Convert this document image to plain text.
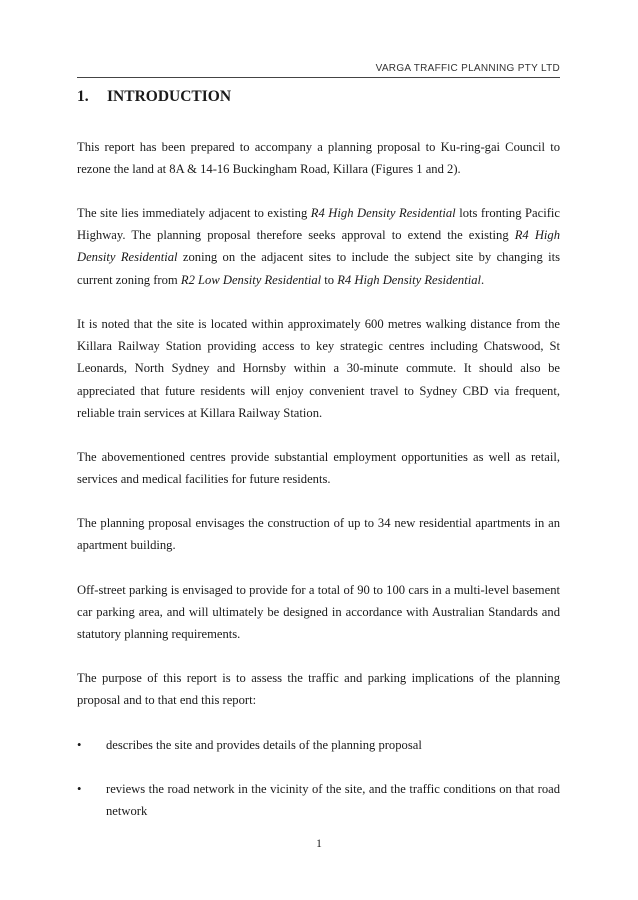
VARGA TRAFFIC PLANNING PTY LTD
1. INTRODUCTION

This report has been prepared to accompany a planning proposal to Ku-ring-gai Council to rezone the land at 8A & 14-16 Buckingham Road, Killara (Figures 1 and 2).

The site lies immediately adjacent to existing R4 High Density Residential lots fronting Pacific Highway. The planning proposal therefore seeks approval to extend the existing R4 High Density Residential zoning on the adjacent sites to include the subject site by changing its current zoning from R2 Low Density Residential to R4 High Density Residential.

It is noted that the site is located within approximately 600 metres walking distance from the Killara Railway Station providing access to key strategic centres including Chatswood, St Leonards, North Sydney and Hornsby within a 30-minute commute. It should also be appreciated that future residents will enjoy convenient travel to Sydney CBD via frequent, reliable train services at Killara Railway Station.

The abovementioned centres provide substantial employment opportunities as well as retail, services and medical facilities for future residents.

The planning proposal envisages the construction of up to 34 new residential apartments in an apartment building.

Off-street parking is envisaged to provide for a total of 90 to 100 cars in a multi-level basement car parking area, and will ultimately be designed in accordance with Australian Standards and statutory planning requirements.

The purpose of this report is to assess the traffic and parking implications of the planning proposal and to that end this report:

• describes the site and provides details of the planning proposal
• reviews the road network in the vicinity of the site, and the traffic conditions on that road network
1
